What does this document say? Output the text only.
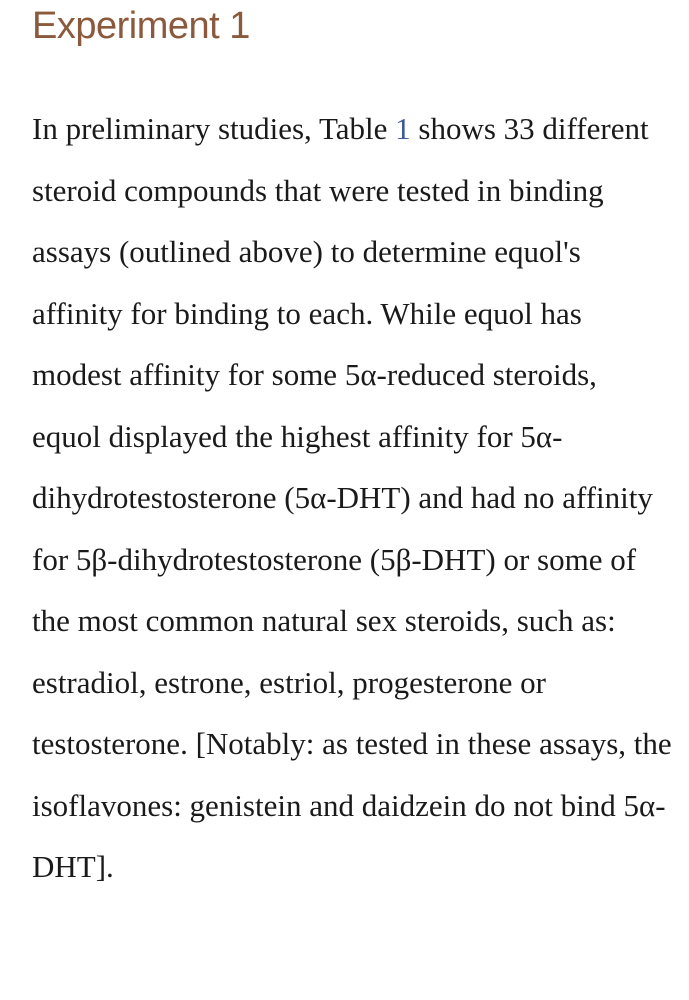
Experiment 1

In preliminary studies, Table 1 shows 33 different steroid compounds that were tested in binding assays (outlined above) to determine equol's affinity for binding to each. While equol has modest affinity for some 5α-reduced steroids, equol displayed the highest affinity for 5α-dihydrotestosterone (5α-DHT) and had no affinity for 5β-dihydrotestosterone (5β-DHT) or some of the most common natural sex steroids, such as: estradiol, estrone, estriol, progesterone or testosterone. [Notably: as tested in these assays, the isoflavones: genistein and daidzein do not bind 5α-DHT].
